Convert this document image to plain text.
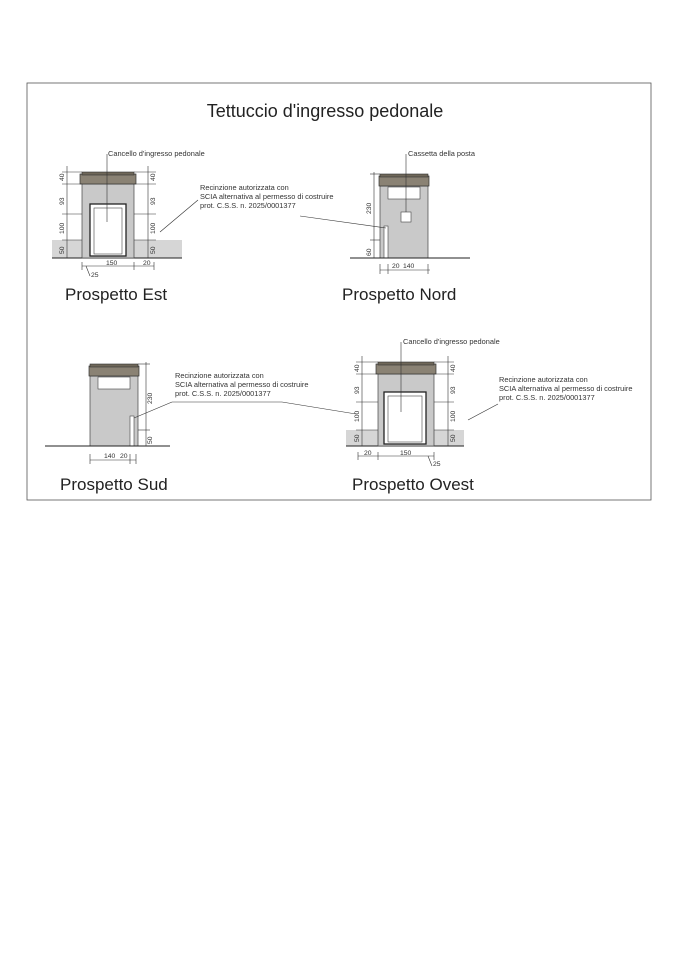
Tettuccio d'ingresso pedonale
Cancello d'ingresso pedonale
Recinzione autorizzata con
SCIA alternativa al permesso di costruire
prot. C.S.S. n. 2025/0001377
40
93
100
50
40
93
100
50
150	20
25
Prospetto Est
Cassetta della posta
230
60
20 140
Prospetto Nord
Recinzione autorizzata con
SCIA alternativa al permesso di costruire
prot. C.S.S. n. 2025/0001377
230
50
140 20
Prospetto Sud
Cancello d'ingresso pedonale
Recinzione autorizzata con
SCIA alternativa al permesso di costruire
prot. C.S.S. n. 2025/0001377
40
93
100
50
40
93
100
50
20	150
25
Prospetto Ovest
